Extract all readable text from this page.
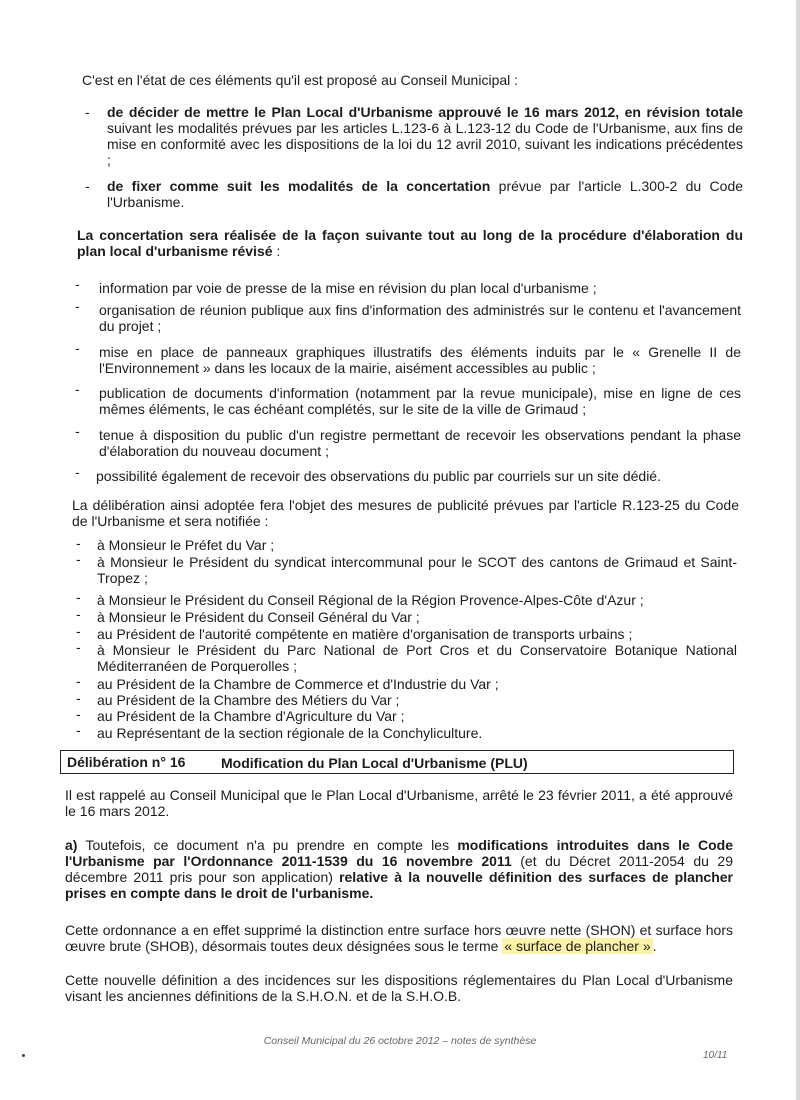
C'est en l'état de ces éléments qu'il est proposé au Conseil Municipal :
- de décider de mettre le Plan Local d'Urbanisme approuvé le 16 mars 2012, en révision totale suivant les modalités prévues par les articles L.123-6 à L.123-12 du Code de l'Urbanisme, aux fins de mise en conformité avec les dispositions de la loi du 12 avril 2010, suivant les indications précédentes ;
- de fixer comme suit les modalités de la concertation prévue par l'article L.300-2 du Code l'Urbanisme.
La concertation sera réalisée de la façon suivante tout au long de la procédure d'élaboration du plan local d'urbanisme révisé :
- information par voie de presse de la mise en révision du plan local d'urbanisme ;
- organisation de réunion publique aux fins d'information des administrés sur le contenu et l'avancement du projet ;
- mise en place de panneaux graphiques illustratifs des éléments induits par le « Grenelle II de l'Environnement » dans les locaux de la mairie, aisément accessibles au public ;
- publication de documents d'information (notamment par la revue municipale), mise en ligne de ces mêmes éléments, le cas échéant complétés, sur le site de la ville de Grimaud ;
- tenue à disposition du public d'un registre permettant de recevoir les observations pendant la phase d'élaboration du nouveau document ;
- possibilité également de recevoir des observations du public par courriels sur un site dédié.
La délibération ainsi adoptée fera l'objet des mesures de publicité prévues par l'article R.123-25 du Code de l'Urbanisme et sera notifiée :
- à Monsieur le Préfet du Var ;
- à Monsieur le Président du syndicat intercommunal pour le SCOT des cantons de Grimaud et Saint-Tropez ;
- à Monsieur le Président du Conseil Régional de la Région Provence-Alpes-Côte d'Azur ;
- à Monsieur le Président du Conseil Général du Var ;
- au Président de l'autorité compétente en matière d'organisation de transports urbains ;
- à Monsieur le Président du Parc National de Port Cros et du Conservatoire Botanique National Méditerranéen de Porquerolles ;
- au Président de la Chambre de Commerce et d'Industrie du Var ;
- au Président de la Chambre des Métiers du Var ;
- au Président de la Chambre d'Agriculture du Var ;
- au Représentant de la section régionale de la Conchyliculture.
Délibération n° 16	Modification du Plan Local d'Urbanisme (PLU)
Il est rappelé au Conseil Municipal que le Plan Local d'Urbanisme, arrêté le 23 février 2011, a été approuvé le 16 mars 2012.
a) Toutefois, ce document n'a pu prendre en compte les modifications introduites dans le Code l'Urbanisme par l'Ordonnance 2011-1539 du 16 novembre 2011 (et du Décret 2011-2054 du 29 décembre 2011 pris pour son application) relative à la nouvelle définition des surfaces de plancher prises en compte dans le droit de l'urbanisme.
Cette ordonnance a en effet supprimé la distinction entre surface hors œuvre nette (SHON) et surface hors œuvre brute (SHOB), désormais toutes deux désignées sous le terme « surface de plancher » .
Cette nouvelle définition a des incidences sur les dispositions réglementaires du Plan Local d'Urbanisme visant les anciennes définitions de la S.H.O.N. et de la S.H.O.B.
Conseil Municipal du 26 octobre 2012 – notes de synthèse
10/11
